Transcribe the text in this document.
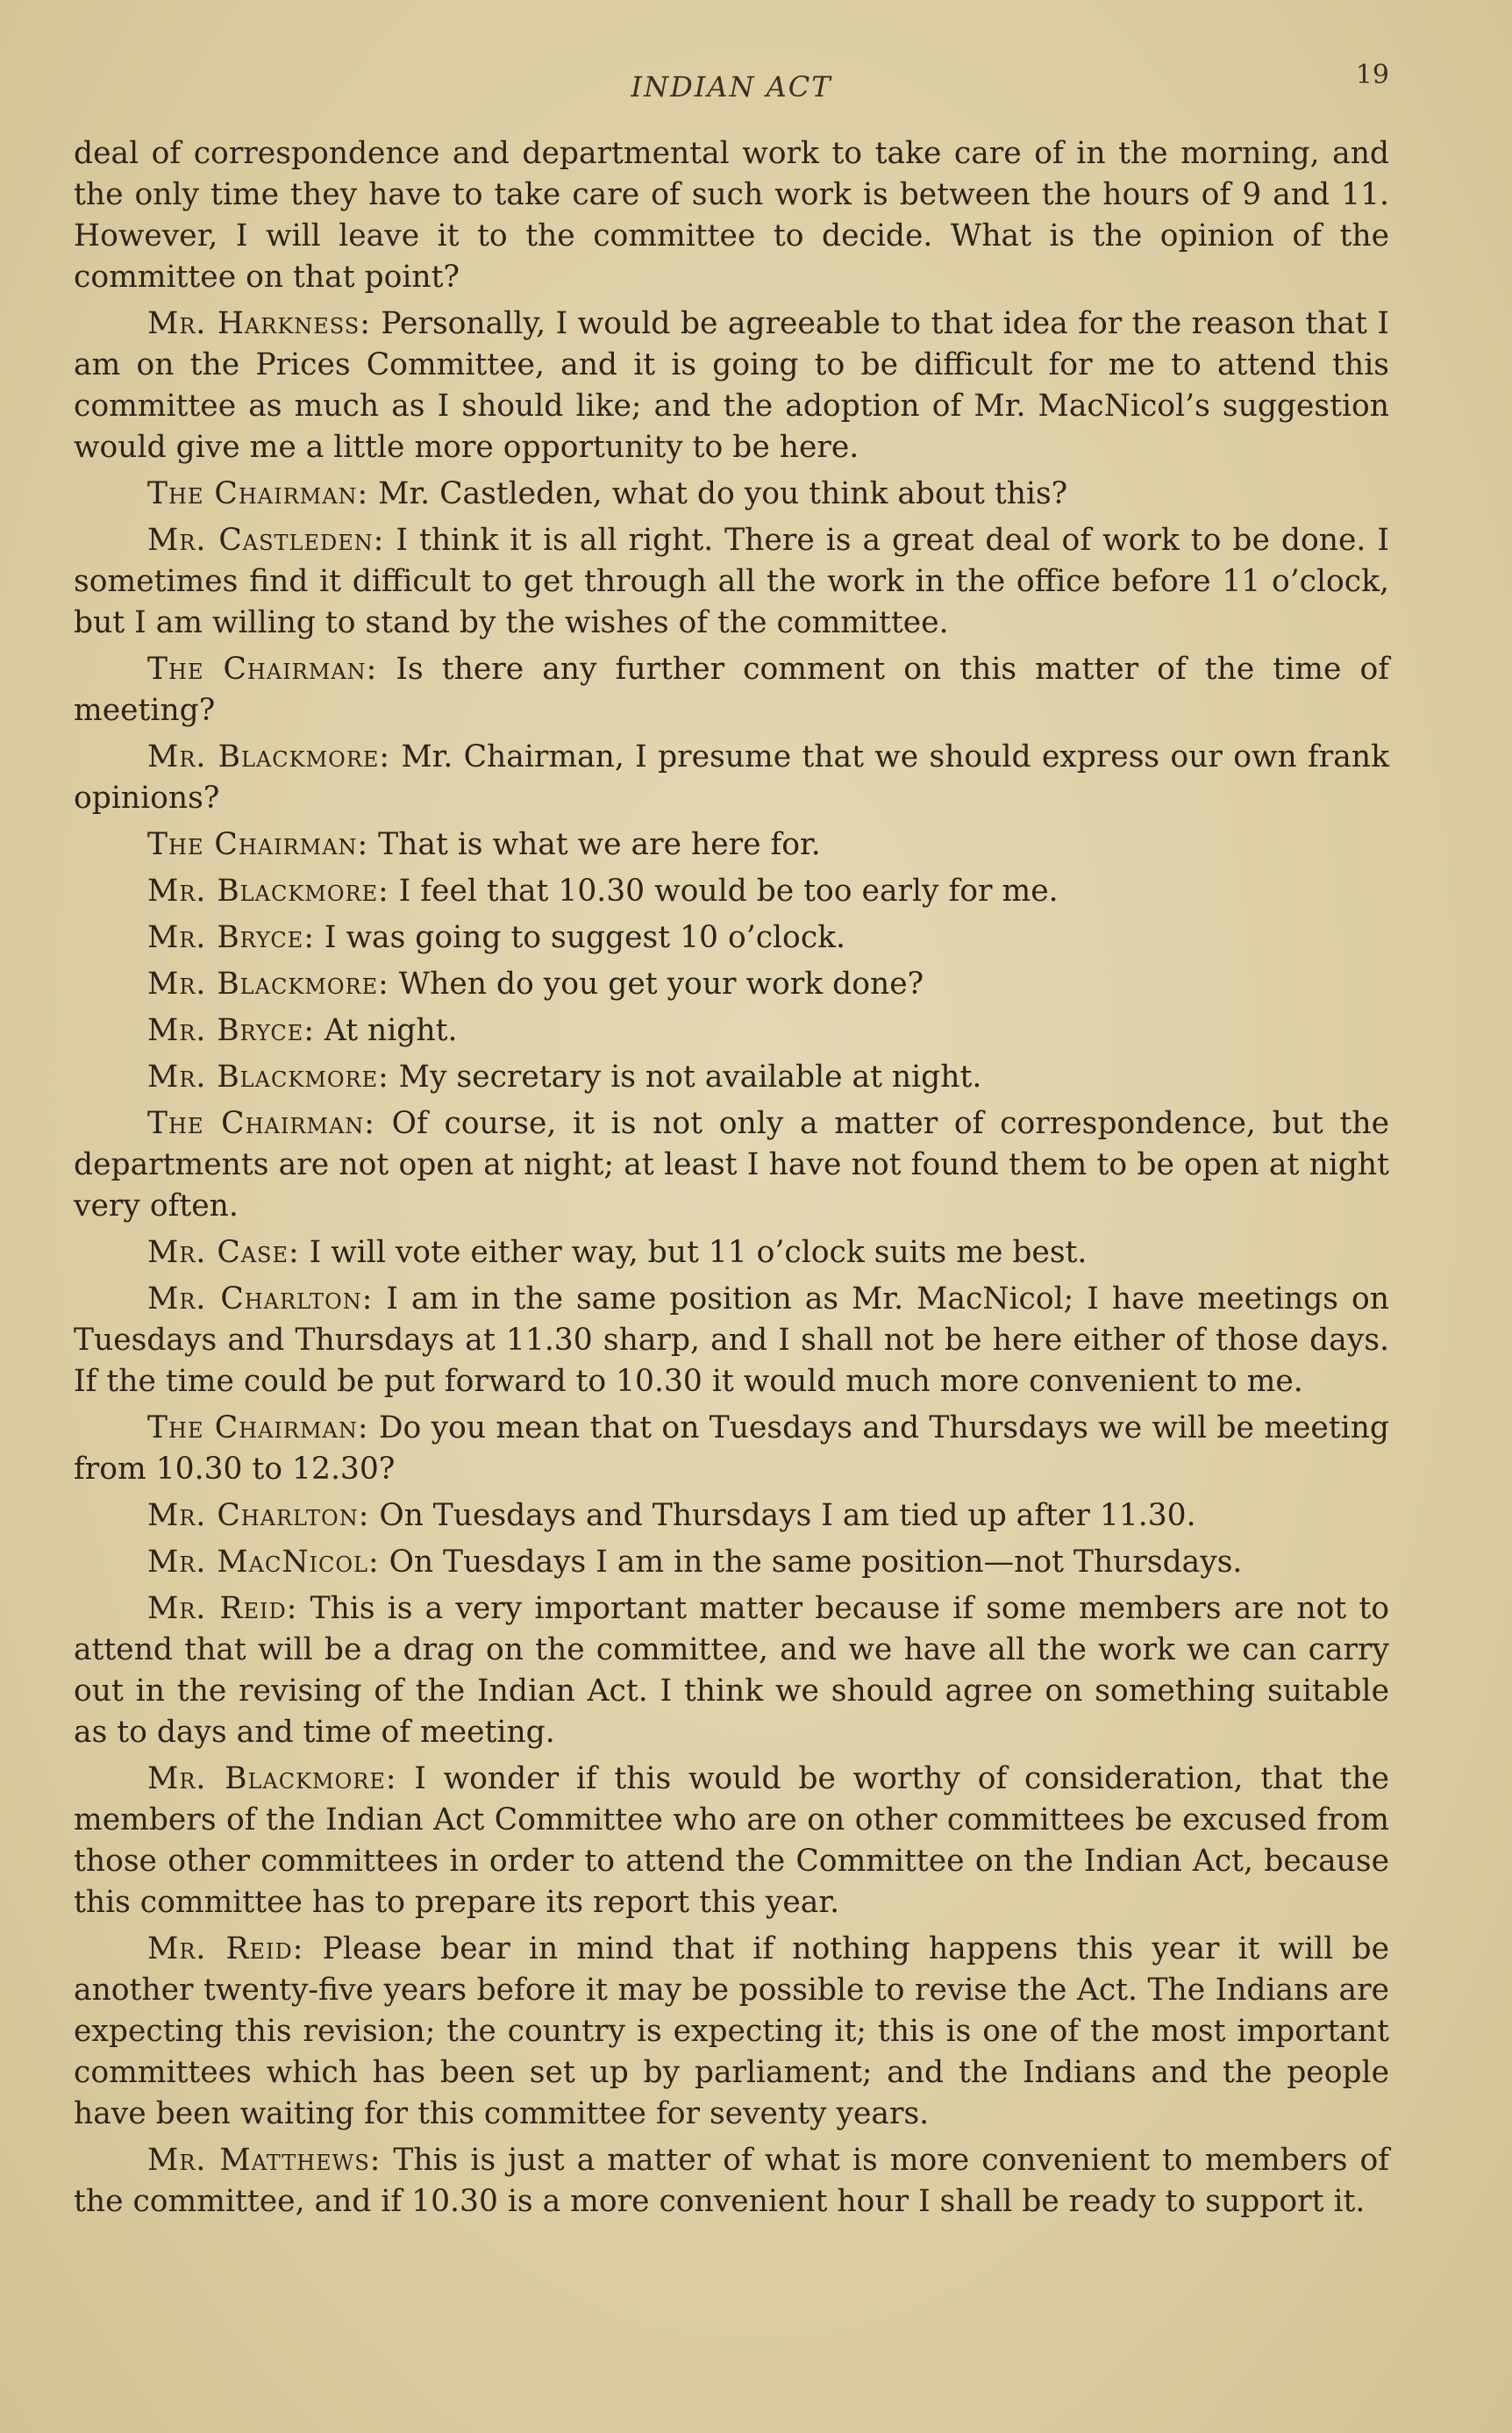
INDIAN ACT	19

deal of correspondence and departmental work to take care of in the morning, and the only time they have to take care of such work is between the hours of 9 and 11. However, I will leave it to the committee to decide. What is the opinion of the committee on that point?

Mr. Harkness: Personally, I would be agreeable to that idea for the reason that I am on the Prices Committee, and it is going to be difficult for me to attend this committee as much as I should like; and the adoption of Mr. MacNicol’s suggestion would give me a little more opportunity to be here.

The Chairman: Mr. Castleden, what do you think about this?

Mr. Castleden: I think it is all right. There is a great deal of work to be done. I sometimes find it difficult to get through all the work in the office before 11 o’clock, but I am willing to stand by the wishes of the committee.

The Chairman: Is there any further comment on this matter of the time of meeting?

Mr. Blackmore: Mr. Chairman, I presume that we should express our own frank opinions?

The Chairman: That is what we are here for.

Mr. Blackmore: I feel that 10.30 would be too early for me.

Mr. Bryce: I was going to suggest 10 o’clock.

Mr. Blackmore: When do you get your work done?

Mr. Bryce: At night.

Mr. Blackmore: My secretary is not available at night.

The Chairman: Of course, it is not only a matter of correspondence, but the departments are not open at night; at least I have not found them to be open at night very often.

Mr. Case: I will vote either way, but 11 o’clock suits me best.

Mr. Charlton: I am in the same position as Mr. MacNicol; I have meetings on Tuesdays and Thursdays at 11.30 sharp, and I shall not be here either of those days. If the time could be put forward to 10.30 it would much more convenient to me.

The Chairman: Do you mean that on Tuesdays and Thursdays we will be meeting from 10.30 to 12.30?

Mr. Charlton: On Tuesdays and Thursdays I am tied up after 11.30.

Mr. MacNicol: On Tuesdays I am in the same position—not Thursdays.

Mr. Reid: This is a very important matter because if some members are not to attend that will be a drag on the committee, and we have all the work we can carry out in the revising of the Indian Act. I think we should agree on something suitable as to days and time of meeting.

Mr. Blackmore: I wonder if this would be worthy of consideration, that the members of the Indian Act Committee who are on other committees be excused from those other committees in order to attend the Committee on the Indian Act, because this committee has to prepare its report this year.

Mr. Reid: Please bear in mind that if nothing happens this year it will be another twenty-five years before it may be possible to revise the Act. The Indians are expecting this revision; the country is expecting it; this is one of the most important committees which has been set up by parliament; and the Indians and the people have been waiting for this committee for seventy years.

Mr. Matthews: This is just a matter of what is more convenient to members of the committee, and if 10.30 is a more convenient hour I shall be ready to support it.
